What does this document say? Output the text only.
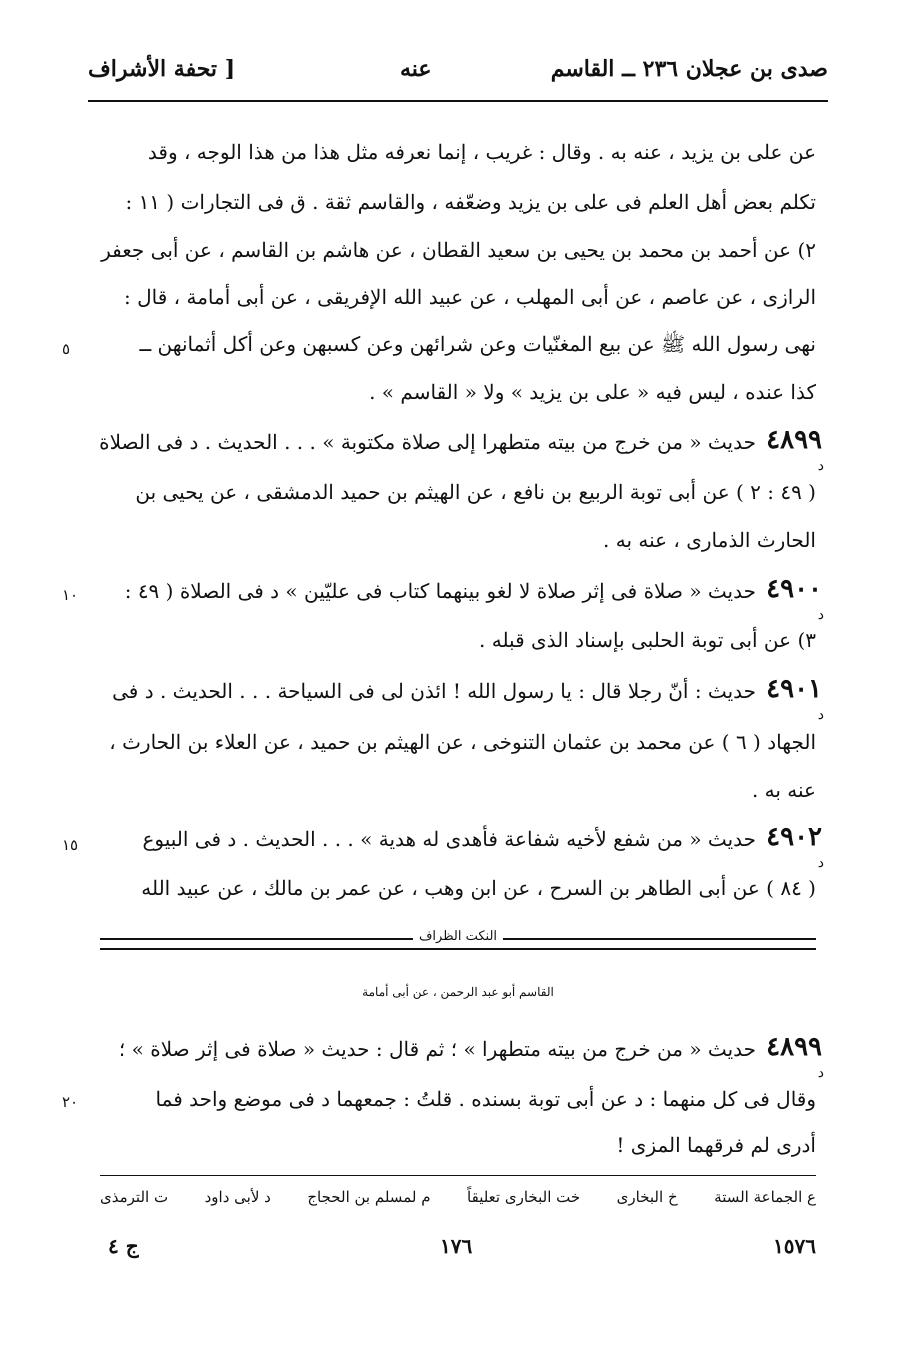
صدى بن عجلان ٢٣٦ ــ القاسم
عنه
[ تحفة الأشراف
عن على بن يزيد ، عنه به . وقال : غريب ، إنما نعرفه مثل هذا من هذا الوجه ، وقد
تكلم بعض أهل العلم فى على بن يزيد وضعّفه ، والقاسم ثقة . ق فى التجارات ( ١١ :
٢) عن أحمد بن محمد بن يحيى بن سعيد القطان ، عن هاشم بن القاسم ، عن أبى جعفر
الرازى ، عن عاصم ، عن أبى المهلب ، عن عبيد الله الإفريقى ، عن أبى أمامة ، قال :
نهى رسول الله ﷺ عن بيع المغنّيات وعن شرائهن وعن كسبهن وعن أكل أثمانهن ــ
كذا عنده ، ليس فيه « على بن يزيد » ولا « القاسم » .
٥
٤٨٩٩
د
حديث « من خرج من بيته متطهرا إلى صلاة مكتوبة » . . . الحديث . د فى الصلاة
( ٤٩ : ٢ ) عن أبى توبة الربيع بن نافع ، عن الهيثم بن حميد الدمشقى ، عن يحيى بن
الحارث الذمارى ، عنه به .
٤٩٠٠
د
حديث « صلاة فى إثر صلاة لا لغو بينهما كتاب فى عليّين » د فى الصلاة ( ٤٩ :
٣) عن أبى توبة الحلبى بإسناد الذى قبله .
١٠
٤٩٠١
د
حديث : أنّ رجلا قال : يا رسول الله ! ائذن لى فى السياحة . . . الحديث . د فى
الجهاد ( ٦ ) عن محمد بن عثمان التنوخى ، عن الهيثم بن حميد ، عن العلاء بن الحارث ،
عنه به .
٤٩٠٢
د
حديث « من شفع لأخيه شفاعة فأهدى له هدية » . . . الحديث . د فى البيوع
( ٨٤ ) عن أبى الطاهر بن السرح ، عن ابن وهب ، عن عمر بن مالك ، عن عبيد الله
١٥
النكت الظراف
القاسم أبو عبد الرحمن ، عن أبى أمامة
٤٨٩٩
د
حديث « من خرج من بيته متطهرا » ؛ ثم قال : حديث « صلاة فى إثر صلاة » ؛
وقال فى كل منهما : د عن أبى توبة بسنده . قلتُ : جمعهما د فى موضع واحد فما
أدرى لم فرقهما المزى !
٢٠
ع الجماعة الستة
خ البخارى
خت البخارى تعليقاً
م لمسلم بن الحجاج
د لأبى داود
ت الترمذى
١٥٧٦
١٧٦
ج ٤
